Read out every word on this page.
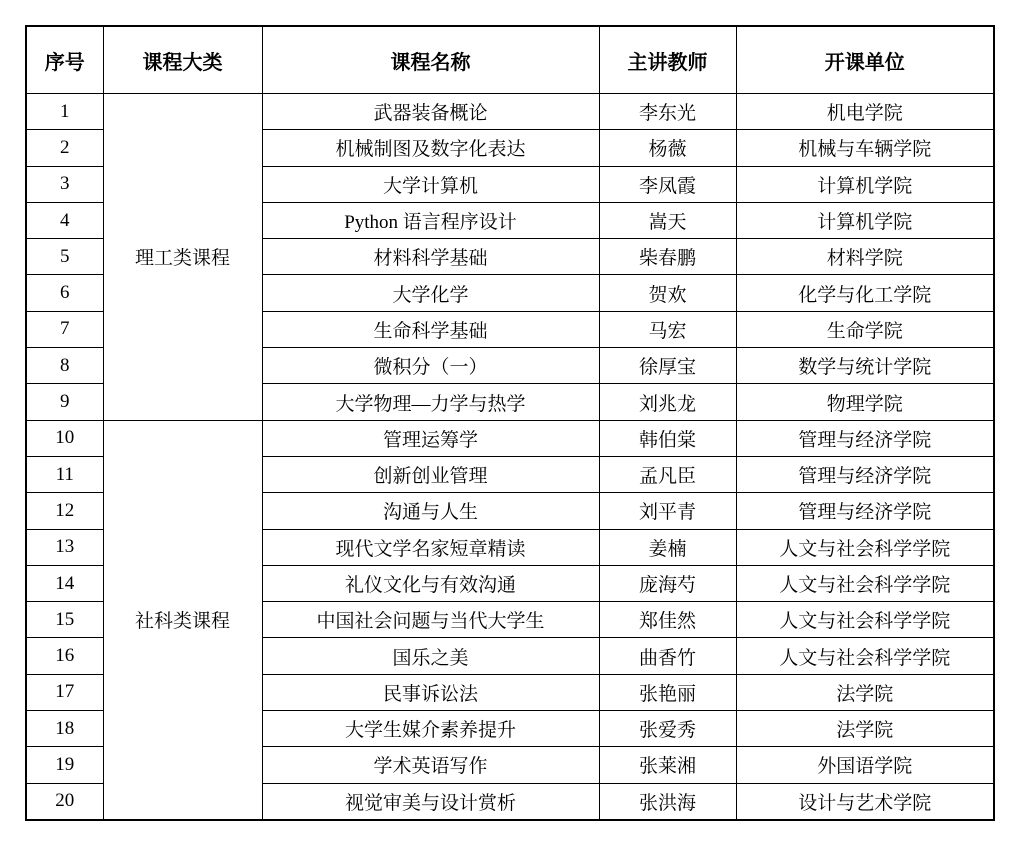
序号	课程大类	课程名称	主讲教师	开课单位
1	理工类课程	武器装备概论	李东光	机电学院
2		机械制图及数字化表达	杨薇	机械与车辆学院
3		大学计算机	李凤霞	计算机学院
4		Python 语言程序设计	嵩天	计算机学院
5		材料科学基础	柴春鹏	材料学院
6		大学化学	贺欢	化学与化工学院
7		生命科学基础	马宏	生命学院
8		微积分（一）	徐厚宝	数学与统计学院
9		大学物理—力学与热学	刘兆龙	物理学院
10	社科类课程	管理运筹学	韩伯棠	管理与经济学院
11		创新创业管理	孟凡臣	管理与经济学院
12		沟通与人生	刘平青	管理与经济学院
13		现代文学名家短章精读	姜楠	人文与社会科学学院
14		礼仪文化与有效沟通	庞海芍	人文与社会科学学院
15		中国社会问题与当代大学生	郑佳然	人文与社会科学学院
16		国乐之美	曲香竹	人文与社会科学学院
17		民事诉讼法	张艳丽	法学院
18		大学生媒介素养提升	张爱秀	法学院
19		学术英语写作	张莱湘	外国语学院
20		视觉审美与设计赏析	张洪海	设计与艺术学院
